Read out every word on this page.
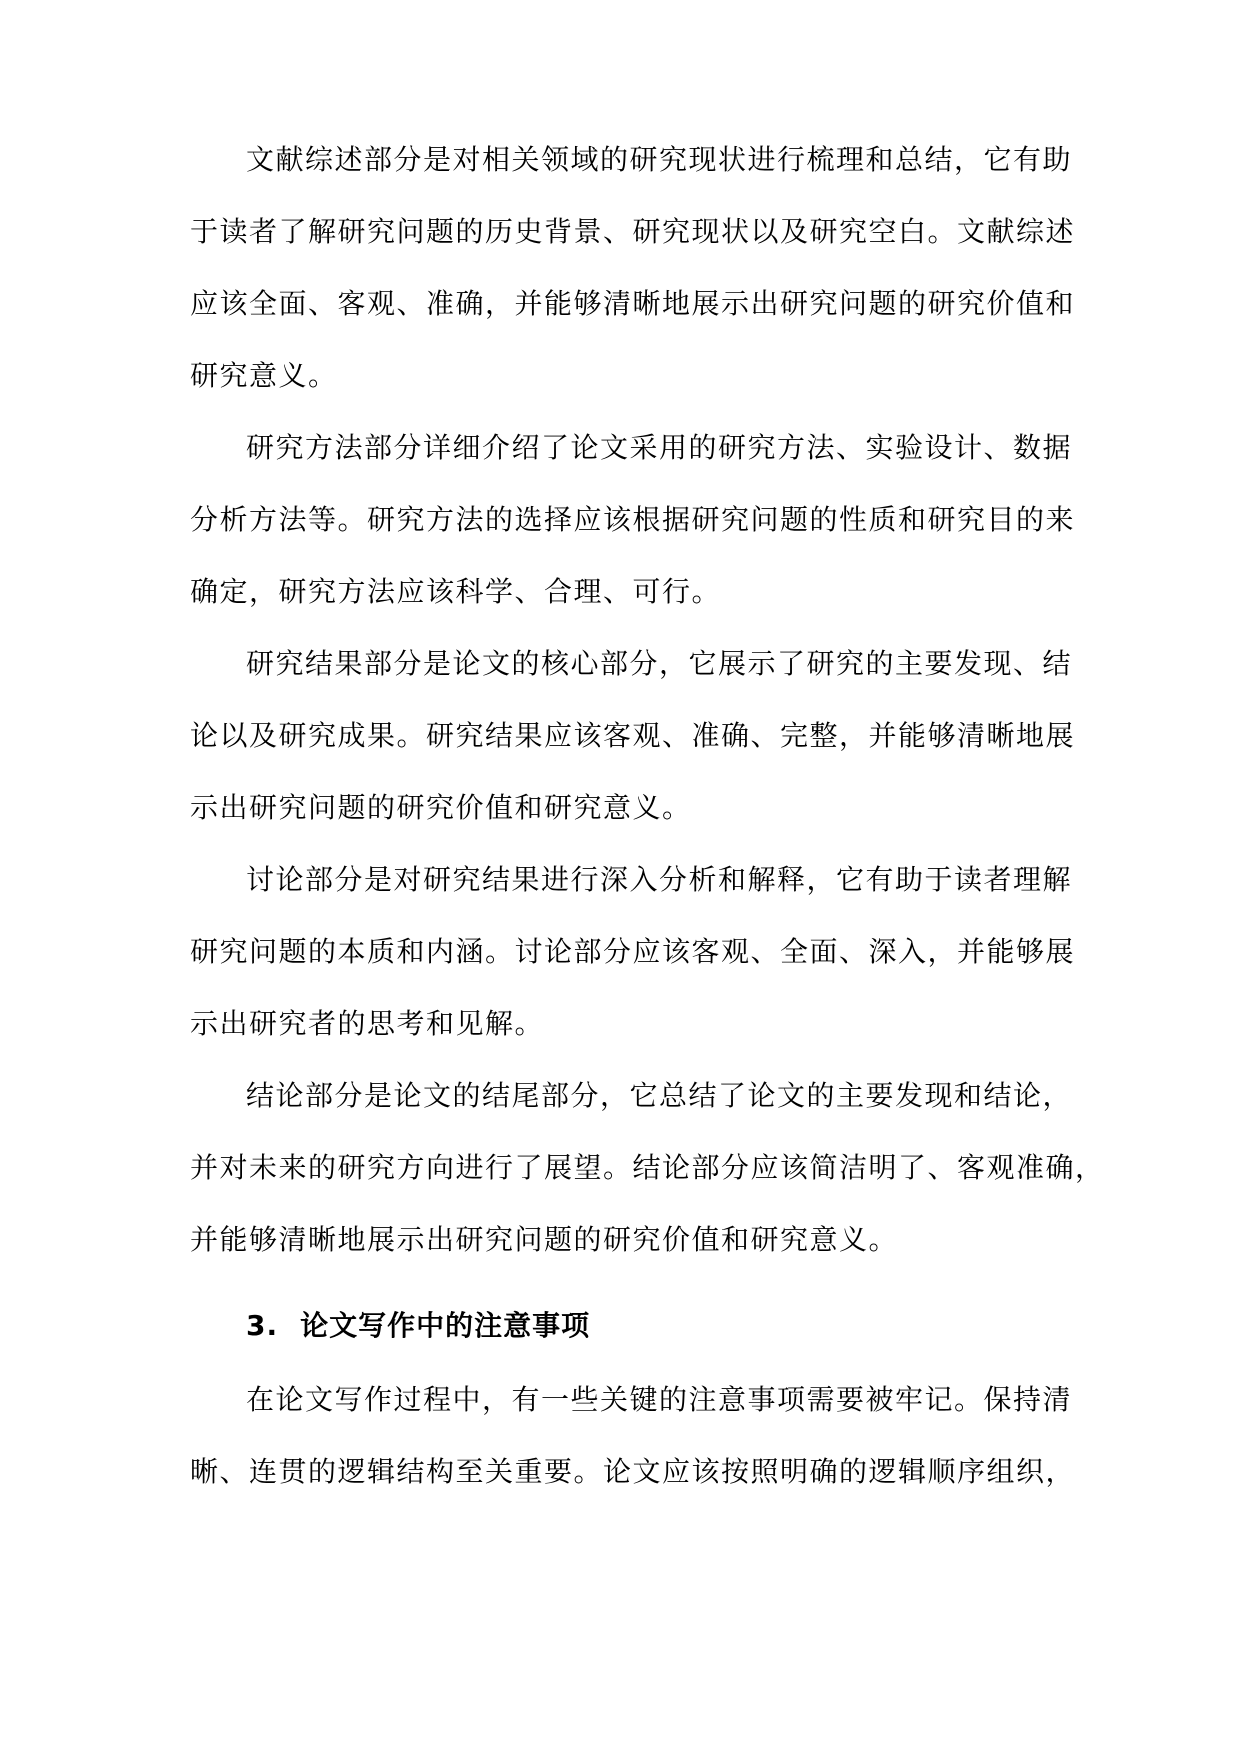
文献综述部分是对相关领域的研究现状进行梳理和总结，它有助
于读者了解研究问题的历史背景、研究现状以及研究空白。文献综述
应该全面、客观、准确，并能够清晰地展示出研究问题的研究价值和
研究意义。
研究方法部分详细介绍了论文采用的研究方法、实验设计、数据
分析方法等。研究方法的选择应该根据研究问题的性质和研究目的来
确定，研究方法应该科学、合理、可行。
研究结果部分是论文的核心部分，它展示了研究的主要发现、结
论以及研究成果。研究结果应该客观、准确、完整，并能够清晰地展
示出研究问题的研究价值和研究意义。
讨论部分是对研究结果进行深入分析和解释，它有助于读者理解
研究问题的本质和内涵。讨论部分应该客观、全面、深入，并能够展
示出研究者的思考和见解。
结论部分是论文的结尾部分，它总结了论文的主要发现和结论，
并对未来的研究方向进行了展望。结论部分应该简洁明了、客观准确，
并能够清晰地展示出研究问题的研究价值和研究意义。
3. 论文写作中的注意事项
在论文写作过程中，有一些关键的注意事项需要被牢记。保持清
晰、连贯的逻辑结构至关重要。论文应该按照明确的逻辑顺序组织，
